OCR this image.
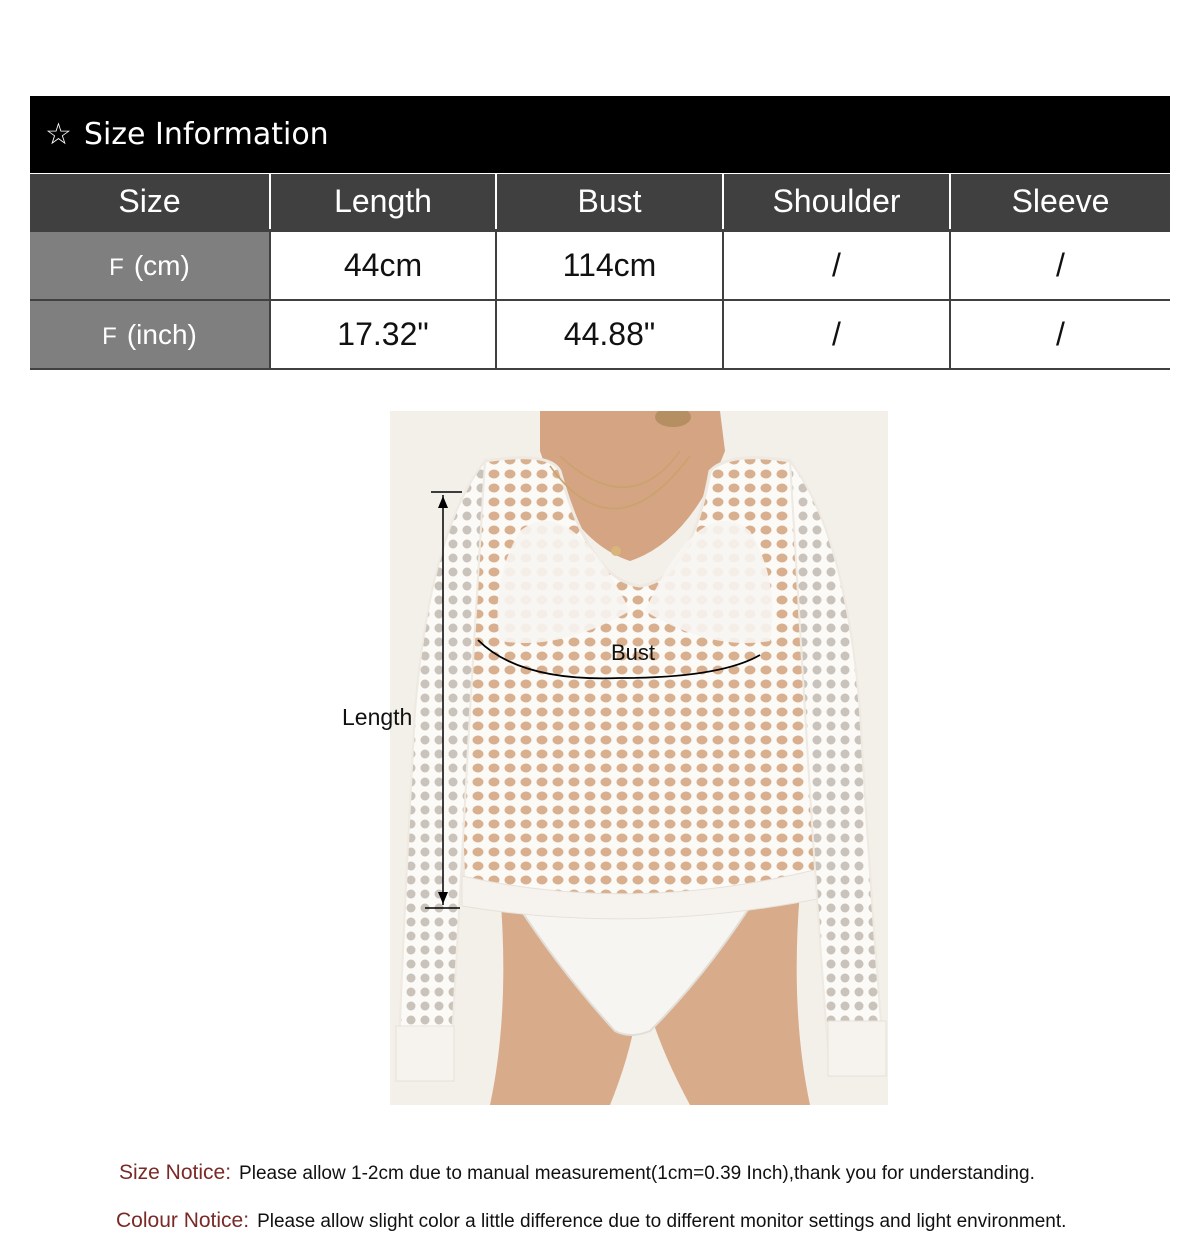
☆ Size Information
Size	Length	Bust	Shoulder	Sleeve
F (cm)	44cm	114cm	/	/
F (inch)	17.32"	44.88"	/	/
Length
Bust
Size Notice: Please allow 1-2cm due to manual measurement(1cm=0.39 Inch),thank you for understanding.
Colour Notice: Please allow slight color a little difference due to different monitor settings and light environment.
